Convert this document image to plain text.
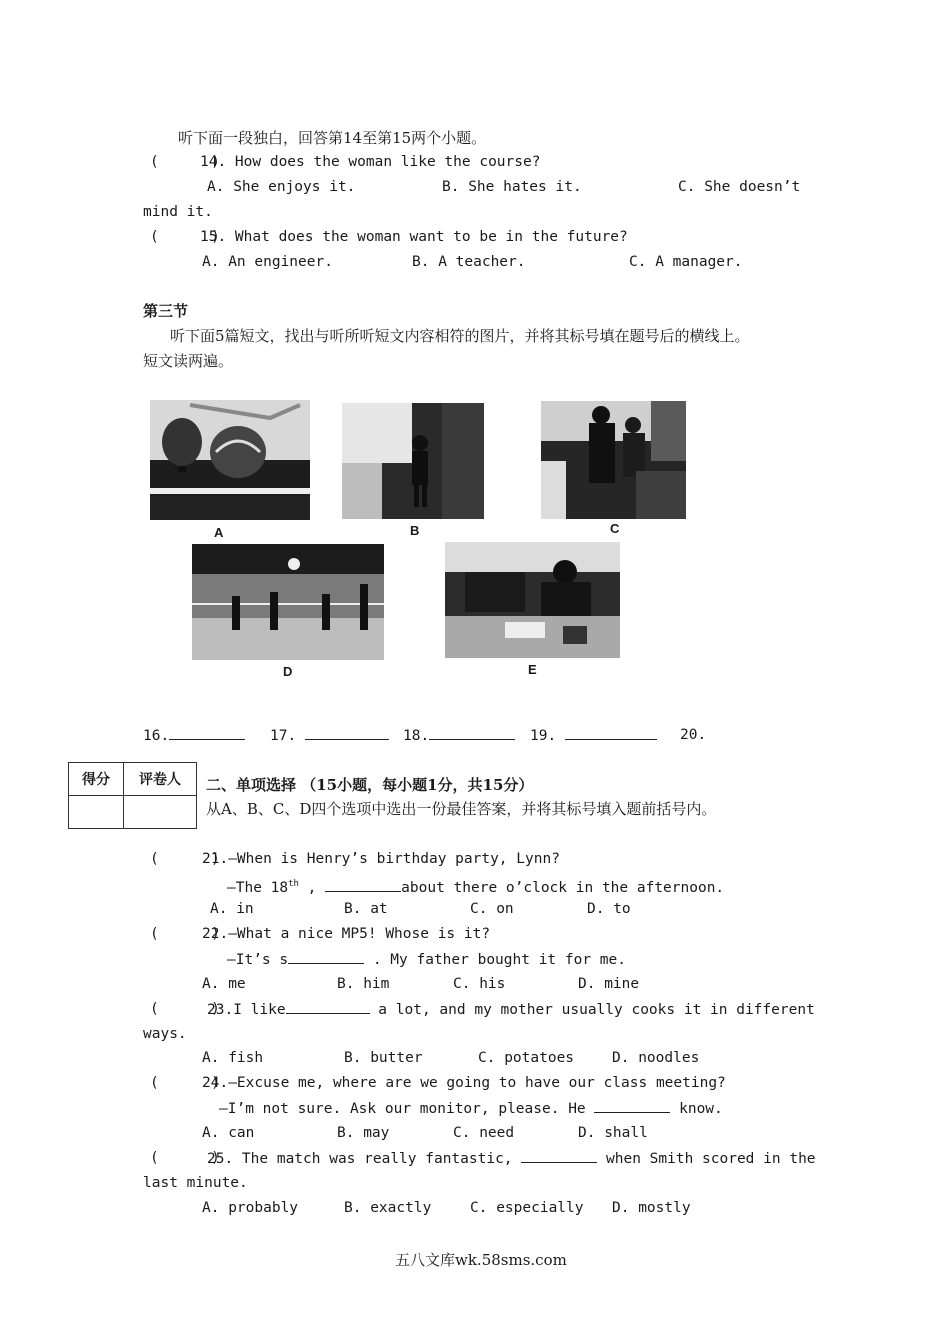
听下面一段独白，回答第14至第15两个小题。
(      )
14. How does the woman like the course?
A. She enjoys it.	B. She hates it.	C. She doesn’t
mind it.
(      )
15. What does the woman want to be in the future?
A. An engineer.	B. A teacher.	C. A manager.
第三节
听下面5篇短文，找出与听所听短文内容相符的图片，并将其标号填在题号后的横线上。
短文读两遍。
A	B	C
D	E
16.	17.	18.	19.	20.
得分	评卷人
	二、单项选择 （15小题，每小题1分，共15分）
从A、B、C、D四个选项中选出一份最佳答案，并将其标号填入题前括号内。
(      )
21.—When is Henry’s birthday party, Lynn?
—The 18th ,	about there o’clock in the afternoon.
A. in	B. at	C. on	D. to
(      )
22.—What a nice MP5! Whose is it?
—It’s s	. My father bought it for me.
A. me	B. him	C. his	D. mine
(      )
23.I like	a lot, and my mother usually cooks it in different
ways.
A. fish	B. butter	C. potatoes	D. noodles
(      )
24.—Excuse me, where are we going to have our class meeting?
—I’m not sure. Ask our monitor, please. He	know.
A. can	B. may	C. need	D. shall
(      )
25. The match was really fantastic,	when Smith scored in the
last minute.
A. probably	B. exactly	C. especially D. mostly
五八文库wk.58sms.com
